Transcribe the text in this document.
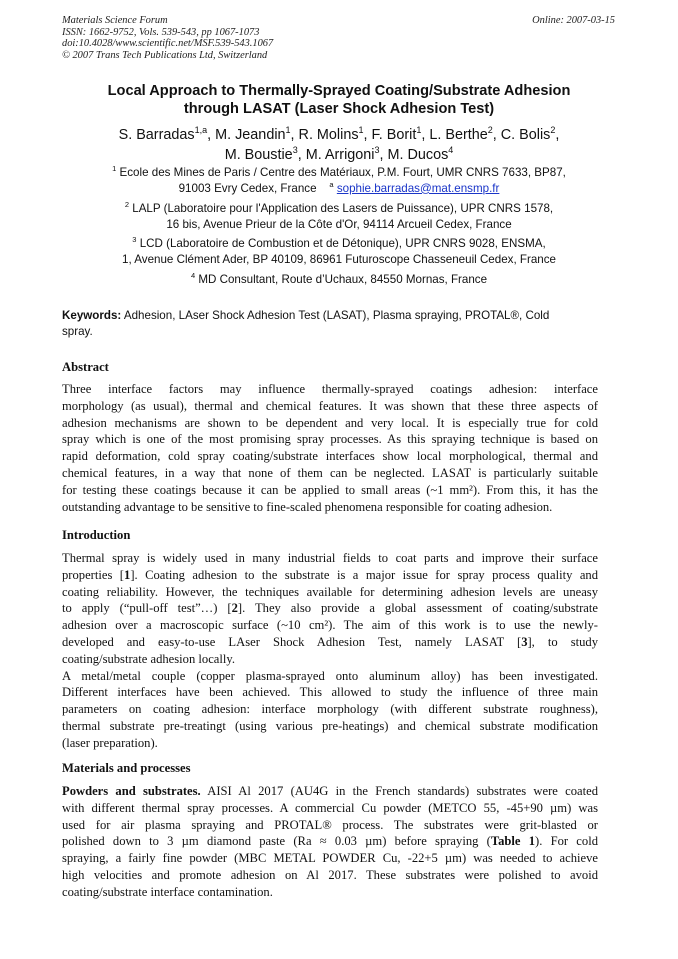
Materials Science Forum
ISSN: 1662-9752, Vols. 539-543, pp 1067-1073
doi:10.4028/www.scientific.net/MSF.539-543.1067
© 2007 Trans Tech Publications Ltd, Switzerland
Online: 2007-03-15
Local Approach to Thermally-Sprayed Coating/Substrate Adhesion
through LASAT (Laser Shock Adhesion Test)
S. Barradas$^{1,a}$, M. Jeandin$^1$, R. Molins$^1$, F. Borit$^1$, L. Berthe$^2$, C. Bolis$^2$,
M. Boustie$^3$, M. Arrigoni$^3$, M. Ducos$^4$
$^1$ Ecole des Mines de Paris / Centre des Matériaux, P.M. Fourt, UMR CNRS 7633, BP87,
91003 Evry Cedex, France $^a$ sophie.barradas@mat.ensmp.fr
$^2$ LALP (Laboratoire pour l'Application des Lasers de Puissance), UPR CNRS 1578,
16 bis, Avenue Prieur de la Côte d'Or, 94114 Arcueil Cedex, France
$^3$ LCD (Laboratoire de Combustion et de Détonique), UPR CNRS 9028, ENSMA,
1, Avenue Clément Ader, BP 40109, 86961 Futuroscope Chasseneuil Cedex, France
$^4$ MD Consultant, Route d’Uchaux, 84550 Mornas, France
Keywords: Adhesion, LAser Shock Adhesion Test (LASAT), Plasma spraying, PROTAL®, Cold
spray.
Abstract
Three interface factors may influence thermally-sprayed coatings adhesion: interface
morphology (as usual), thermal and chemical features. It was shown that these three aspects of
adhesion mechanisms are shown to be dependent and very local. It is especially true for cold
spray which is one of the most promising spray processes. As this spraying technique is based on
rapid deformation, cold spray coating/substrate interfaces show local morphological, thermal and
chemical features, in a way that none of them can be neglected. LASAT is particularly suitable
for testing these coatings because it can be applied to small areas (~1 mm²). From this, it has the
outstanding advantage to be sensitive to fine-scaled phenomena responsible for coating adhesion.
Introduction
Thermal spray is widely used in many industrial fields to coat parts and improve their surface
properties [1]. Coating adhesion to the substrate is a major issue for spray process quality and
coating reliability. However, the techniques available for determining adhesion levels are uneasy
to apply (“pull-off test”…) [2]. They also provide a global assessment of coating/substrate
adhesion over a macroscopic surface (~10 cm²). The aim of this work is to use the newly-
developed and easy-to-use LAser Shock Adhesion Test, namely LASAT [3], to study
coating/substrate adhesion locally.
A metal/metal couple (copper plasma-sprayed onto aluminum alloy) has been investigated.
Different interfaces have been achieved. This allowed to study the influence of three main
parameters on coating adhesion: interface morphology (with different substrate roughness),
thermal substrate pre-treatingt (using various pre-heatings) and chemical substrate modification
(laser preparation).
Materials and processes
Powders and substrates. AISI Al 2017 (AU4G in the French standards) substrates were coated
with different thermal spray processes. A commercial Cu powder (METCO 55, -45+90 µm) was
used for air plasma spraying and PROTAL® process. The substrates were grit-blasted or
polished down to 3 µm diamond paste (Ra ≈ 0.03 µm) before spraying (Table 1). For cold
spraying, a fairly fine powder (MBC METAL POWDER Cu, -22+5 µm) was needed to achieve
high velocities and promote adhesion on Al 2017. These substrates were polished to avoid
coating/substrate interface contamination.
